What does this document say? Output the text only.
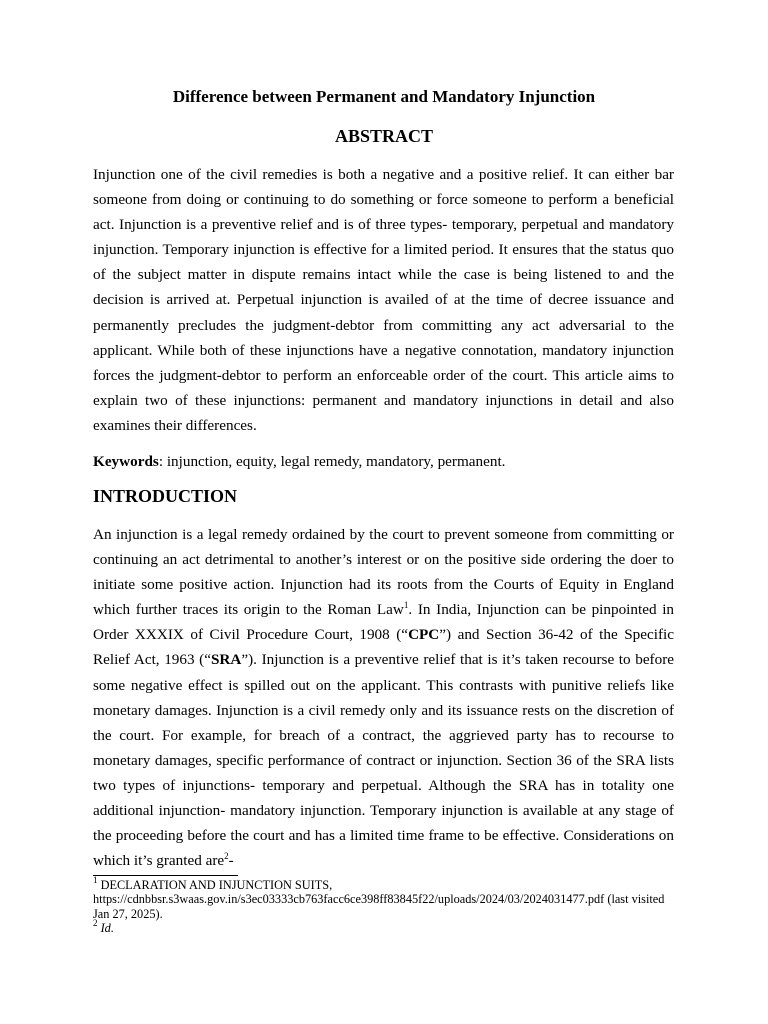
Difference between Permanent and Mandatory Injunction
ABSTRACT

Injunction one of the civil remedies is both a negative and a positive relief. It can either bar someone from doing or continuing to do something or force someone to perform a beneficial act. Injunction is a preventive relief and is of three types- temporary, perpetual and mandatory injunction. Temporary injunction is effective for a limited period. It ensures that the status quo of the subject matter in dispute remains intact while the case is being listened to and the decision is arrived at. Perpetual injunction is availed of at the time of decree issuance and permanently precludes the judgment-debtor from committing any act adversarial to the applicant. While both of these injunctions have a negative connotation, mandatory injunction forces the judgment-debtor to perform an enforceable order of the court. This article aims to explain two of these injunctions: permanent and mandatory injunctions in detail and also examines their differences.

Keywords: injunction, equity, legal remedy, mandatory, permanent.

INTRODUCTION

An injunction is a legal remedy ordained by the court to prevent someone from committing or continuing an act detrimental to another’s interest or on the positive side ordering the doer to initiate some positive action. Injunction had its roots from the Courts of Equity in England which further traces its origin to the Roman Law$^1$. In India, Injunction can be pinpointed in Order XXXIX of Civil Procedure Court, 1908 (“CPC”) and Section 36-42 of the Specific Relief Act, 1963 (“SRA”). Injunction is a preventive relief that is it’s taken recourse to before some negative effect is spilled out on the applicant. This contrasts with punitive reliefs like monetary damages. Injunction is a civil remedy only and its issuance rests on the discretion of the court. For example, for breach of a contract, the aggrieved party has to recourse to monetary damages, specific performance of contract or injunction. Section 36 of the SRA lists two types of injunctions- temporary and perpetual. Although the SRA has in totality one additional injunction- mandatory injunction. Temporary injunction is available at any stage of the proceeding before the court and has a limited time frame to be effective. Considerations on which it’s granted are$^2$-

$^1$ DECLARATION AND INJUNCTION SUITS, https://cdnbbsr.s3waas.gov.in/s3ec03333cb763facc6ce398ff83845f22/uploads/2024/03/2024031477.pdf (last visited Jan 27, 2025).

$^2$ Id.
